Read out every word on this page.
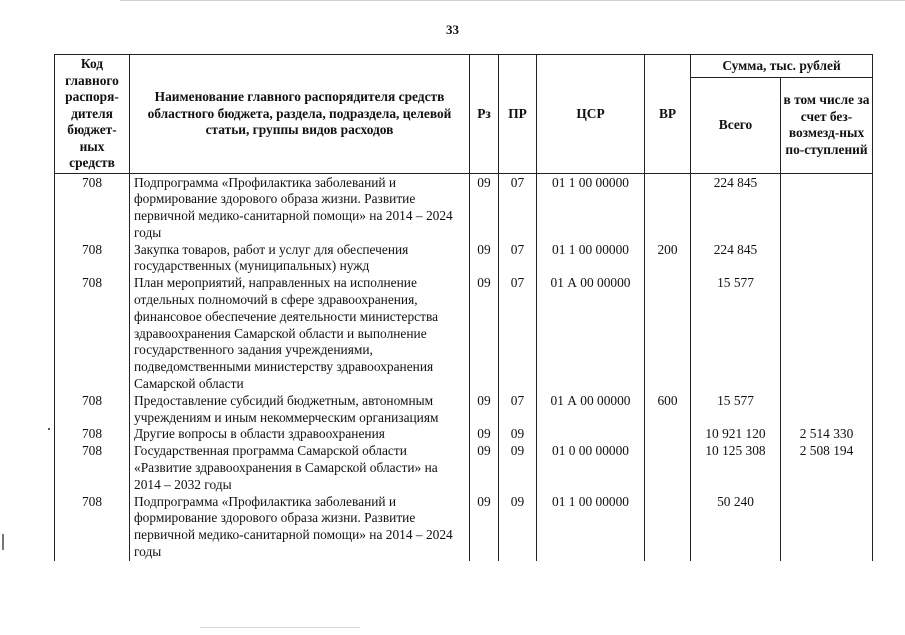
33
Код главного распоря-дителя бюджет-ных средств	Наименование главного распорядителя средств областного бюджета, раздела, подраздела, целевой статьи, группы видов расходов	Рз	ПР	ЦСР	ВР	Сумма, тыс. рублей	
						Всего	в том числе за счет без-возмезд-ных по-ступлений
708	Подпрограмма «Профилактика заболеваний и формирование здорового образа жизни. Развитие первичной медико-санитарной помощи» на 2014 – 2024 годы	09	07	01 1 00 00000		224 845	
708	Закупка товаров, работ и услуг для обеспечения государственных (муниципальных) нужд	09	07	01 1 00 00000	200	224 845	
708	План мероприятий, направленных на исполнение отдельных полномочий в сфере здравоохранения, финансовое обеспечение деятельности министерства здравоохранения Самарской области и выполнение государственного задания учреждениями, подведомственными министерству здравоохранения Самарской области	09	07	01 А 00 00000		15 577	
708	Предоставление субсидий бюджетным, автономным учреждениям и иным некоммерческим организациям	09	07	01 А 00 00000	600	15 577	
708	Другие вопросы в области здравоохранения	09	09			10 921 120	2 514 330
708	Государственная программа Самарской области «Развитие здравоохранения в Самарской области» на 2014 – 2032 годы	09	09	01 0 00 00000		10 125 308	2 508 194
708	Подпрограмма «Профилактика заболеваний и формирование здорового образа жизни. Развитие первичной медико-санитарной помощи» на 2014 – 2024 годы	09	09	01 1 00 00000		50 240	
